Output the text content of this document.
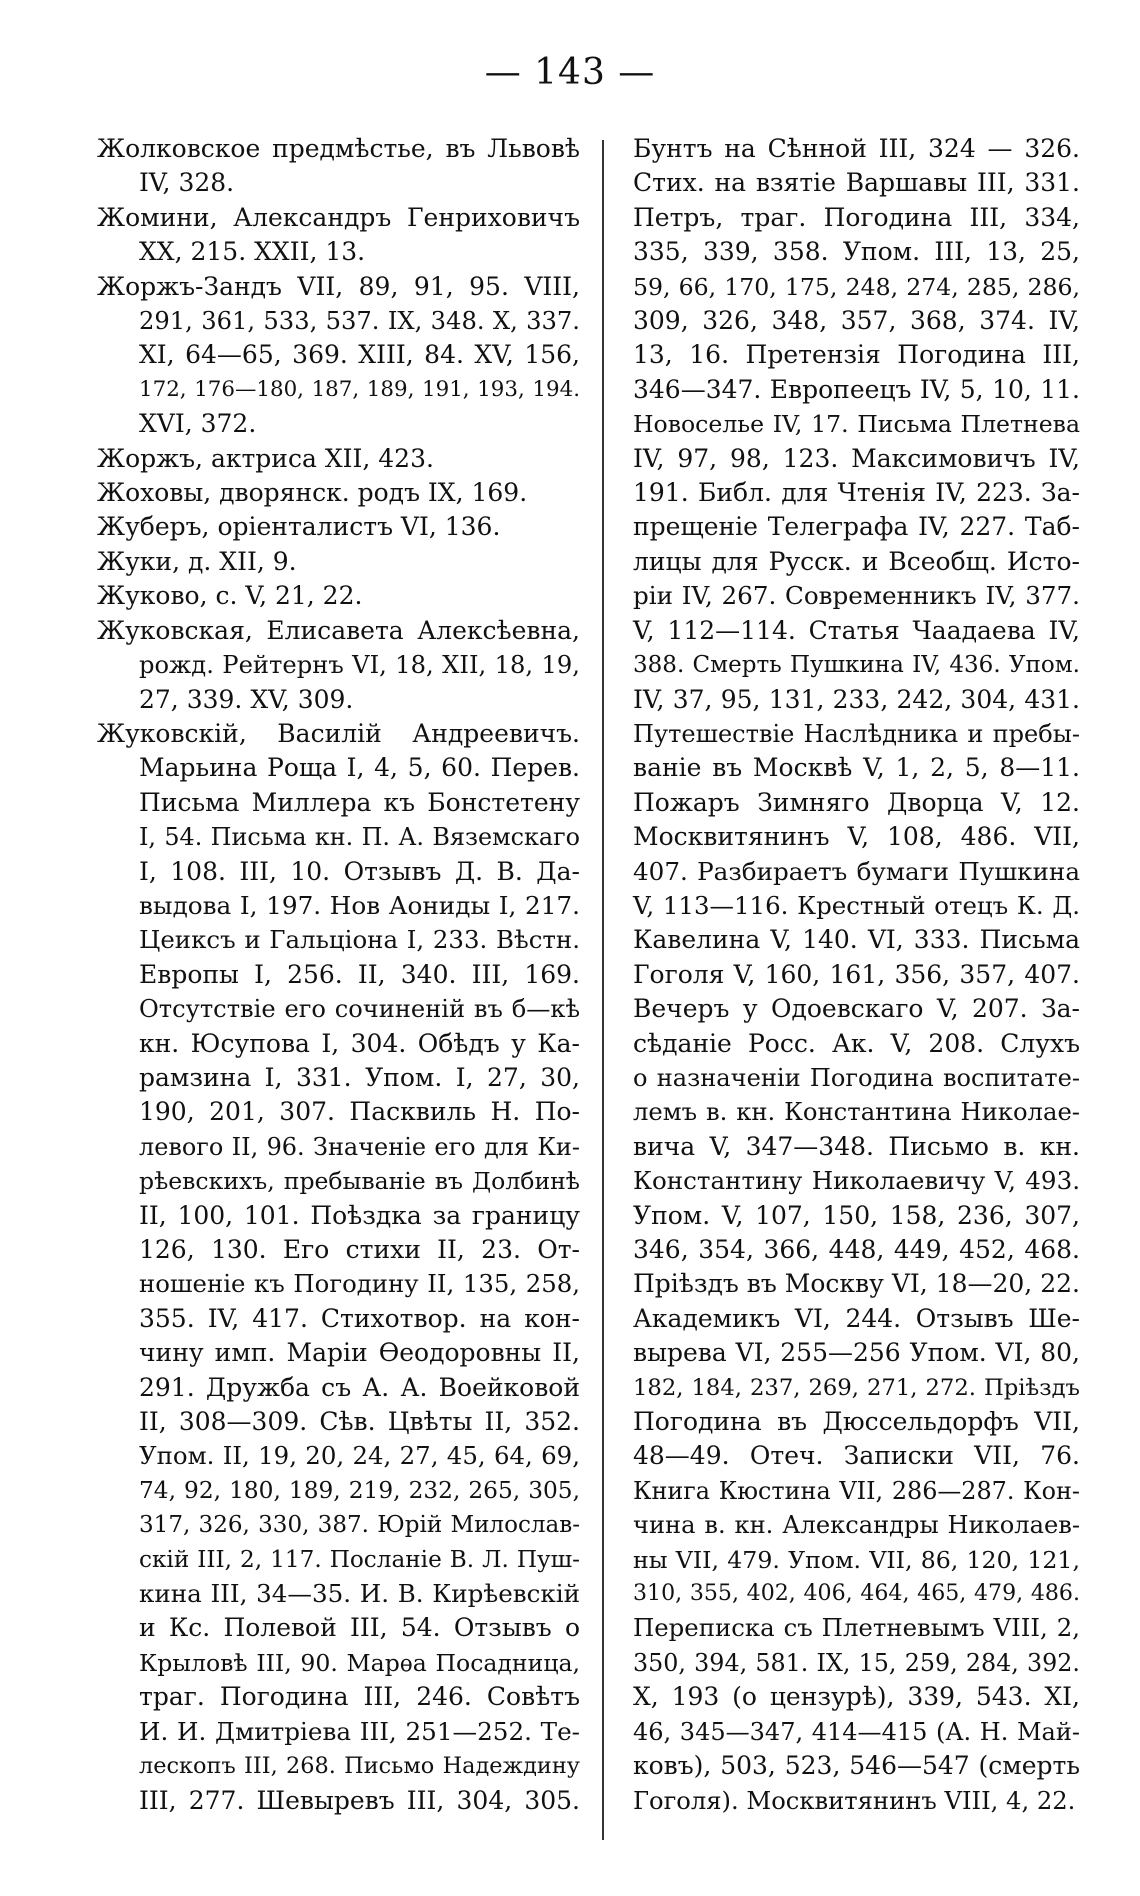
— 143 —
Жолковское предмѣстье, въ Львовѣ
IV, 328.
Жомини, Александръ Генриховичъ
XX, 215. XXII, 13.
Жоржъ-Зандъ VII, 89, 91, 95. VIII,
291, 361, 533, 537. IX, 348. X, 337.
XI, 64—65, 369. XIII, 84. XV, 156,
172, 176—180, 187, 189, 191, 193, 194.
XVI, 372.
Жоржъ, актриса XII, 423.
Жоховы, дворянск. родъ IX, 169.
Жуберъ, оріенталистъ VI, 136.
Жуки, д. XII, 9.
Жуково, с. V, 21, 22.
Жуковская, Елисавета Алексѣевна,
рожд. Рейтернъ VI, 18, XII, 18, 19,
27, 339. XV, 309.
Жуковскій, Василій Андреевичъ.
Марьина Роща I, 4, 5, 60. Перев.
Письма Миллера къ Бонстетену
I, 54. Письма кн. П. А. Вяземскаго
I, 108. III, 10. Отзывъ Д. В. Да-
выдова I, 197. Нов Аониды I, 217.
Цеиксъ и Гальціона I, 233. Вѣстн.
Европы I, 256. II, 340. III, 169.
Отсутствіе его сочиненій въ б—кѣ
кн. Юсупова I, 304. Обѣдъ у Ка-
рамзина I, 331. Упом. I, 27, 30,
190, 201, 307. Пасквиль Н. По-
левого II, 96. Значеніе его для Ки-
рѣевскихъ, пребываніе въ Долбинѣ
II, 100, 101. Поѣздка за границу
126, 130. Его стихи II, 23. От-
ношеніе къ Погодину II, 135, 258,
355. IV, 417. Стихотвор. на кон-
чину имп. Маріи Ѳеодоровны II,
291. Дружба съ А. А. Воейковой
II, 308—309. Сѣв. Цвѣты II, 352.
Упом. II, 19, 20, 24, 27, 45, 64, 69,
74, 92, 180, 189, 219, 232, 265, 305,
317, 326, 330, 387. Юрій Милослав-
скій III, 2, 117. Посланіе В. Л. Пуш-
кина III, 34—35. И. В. Кирѣевскій
и Кс. Полевой III, 54. Отзывъ о
Крыловѣ III, 90. Марѳа Посадница,
траг. Погодина III, 246. Совѣтъ
И. И. Дмитріева III, 251—252. Те-
лескопъ III, 268. Письмо Надеждину
III, 277. Шевыревъ III, 304, 305.
Бунтъ на Сѣнной III, 324 — 326.
Стих. на взятіе Варшавы III, 331.
Петръ, траг. Погодина III, 334,
335, 339, 358. Упом. III, 13, 25,
59, 66, 170, 175, 248, 274, 285, 286,
309, 326, 348, 357, 368, 374. IV,
13, 16. Претензія Погодина III,
346—347. Европеецъ IV, 5, 10, 11.
Новоселье IV, 17. Письма Плетнева
IV, 97, 98, 123. Максимовичъ IV,
191. Библ. для Чтенія IV, 223. За-
прещеніе Телеграфа IV, 227. Таб-
лицы для Русск. и Всеобщ. Исто-
ріи IV, 267. Современникъ IV, 377.
V, 112—114. Статья Чаадаева IV,
388. Смерть Пушкина IV, 436. Упом.
IV, 37, 95, 131, 233, 242, 304, 431.
Путешествіе Наслѣдника и пребы-
ваніе въ Москвѣ V, 1, 2, 5, 8—11.
Пожаръ Зимняго Дворца V, 12.
Москвитянинъ V, 108, 486. VII,
407. Разбираетъ бумаги Пушкина
V, 113—116. Крестный отецъ К. Д.
Кавелина V, 140. VI, 333. Письма
Гоголя V, 160, 161, 356, 357, 407.
Вечеръ у Одоевскаго V, 207. За-
сѣданіе Росс. Ак. V, 208. Слухъ
о назначеніи Погодина воспитате-
лемъ в. кн. Константина Николае-
вича V, 347—348. Письмо в. кн.
Константину Николаевичу V, 493.
Упом. V, 107, 150, 158, 236, 307,
346, 354, 366, 448, 449, 452, 468.
Пріѣздъ въ Москву VI, 18—20, 22.
Академикъ VI, 244. Отзывъ Ше-
вырева VI, 255—256 Упом. VI, 80,
182, 184, 237, 269, 271, 272. Пріѣздъ
Погодина въ Дюссельдорфъ VII,
48—49. Отеч. Записки VII, 76.
Книга Кюстина VII, 286—287. Кон-
чина в. кн. Александры Николаев-
ны VII, 479. Упом. VII, 86, 120, 121,
310, 355, 402, 406, 464, 465, 479, 486.
Переписка съ Плетневымъ VIII, 2,
350, 394, 581. IX, 15, 259, 284, 392.
X, 193 (о цензурѣ), 339, 543. XI,
46, 345—347, 414—415 (А. Н. Май-
ковъ), 503, 523, 546—547 (смерть
Гоголя). Москвитянинъ VIII, 4, 22.
